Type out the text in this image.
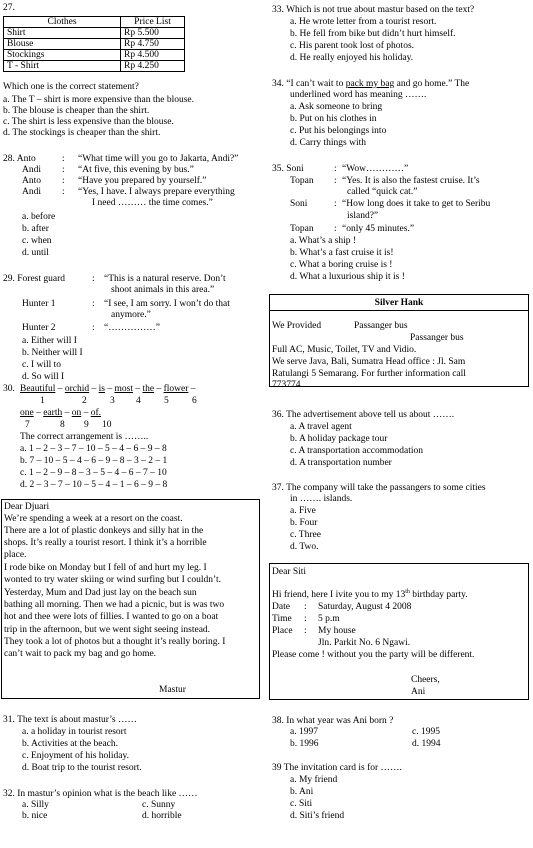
27.
Clothes	Price List
Shirt	Rp 5.500
Blouse	Rp 4.750
Stockings	Rp 4.500
T - Shirt	Rp 4.250
Which one is the correct statement?
a. The T – shirt is more expensive than the blouse.
b. The blouse is cheaper than the shirt.
c. The shirt is less expensive than the blouse.
d. The stockings is cheaper than the shirt.
28. Anto	: “What time will you go to Jakarta, Andi?”
Andi : “At five, this evening by bus.”
Anto : “Have you prepared by yourself.”
Andi : “Yes, I have. I always prepare everything
I need ……… the time comes.”
a. before
b. after
c. when
d. until
29. Forest guard	: “This is a natural reserve. Don’t
shoot animals in this area.”
Hunter 1	: “I see, I am sorry. I won’t do that
anymore.”
Hunter 2	: “……………”
a. Either will I
b. Neither will I
c. I will to
d. So will I
30. Beautiful – orchid – is – most – the – flower –
1	2 3 4 5 6
one – earth – on – of.
7	8 9 10
The correct arrangement is ……..
a. 1 – 2 – 3 – 7 – 10 – 5 – 4 – 6 – 9 – 8
b. 7 – 10 – 5 – 4 – 6 – 9 – 8 – 3 – 2 – 1
c. 1 – 2 – 9 – 8 – 3 – 5 – 4 – 6 – 7 – 10
d. 2 – 3 – 7 – 10 – 5 – 4 – 1 – 6 – 9 – 8
Dear Djuari
We’re spending a week at a resort on the coast.
There are a lot of plastic donkeys and silly hat in the
shops. It’s really a tourist resort. I think it’s a horrible
place.
I rode bike on Monday but I fell of and hurt my leg. I
wonted to try water skiing or wind surfing but I couldn’t.
Yesterday, Mum and Dad just lay on the beach sun
bathing all morning. Then we had a picnic, but is was two
hot and thee were lots of fillies. I wanted to go on a boat
trip in the afternoon, but we went sight seeing instead.
They took a lot of photos but a thought it’s really boring. I
can’t wait to pack my bag and go home.
Mastur
31. The text is about mastur’s ……
a. a holiday in tourist resort
b. Activities at the beach.
c. Enjoyment of his holiday.
d. Boat trip to the tourist resort.
32. In mastur’s opinion what is the beach like ……
a. Silly	c. Sunny
b. nice	d. horrible
33. Which is not true about mastur based on the text?
a. He wrote letter from a tourist resort.
b. He fell from bike but didn’t hurt himself.
c. His parent took lost of photos.
d. He really enjoyed his holiday.
34. “I can’t wait to pack my bag and go home.” The
underlined word has meaning …….
a. Ask someone to bring
b. Put on his clothes in
c. Put his belongings into
d. Carry things with
35. Soni	: “Wow…………”
Topan : “Yes. It is also the fastest cruise. It’s
called “quick cat.”
Soni	: “How long does it take to get to Seribu
island?”
Topan : “only 45 minutes.”
a. What’s a ship !
b. What’s a fast cruise it is!
c. What a boring cruise is !
d. What a luxurious ship it is !
Silver Hank
We Provided	Passanger bus
Passanger bus
Full AC, Music, Toilet, TV and Vidio.
We serve Java, Bali, Sumatra Head office : Jl. Sam
Ratulangi 5 Semarang. For further information call
773774
36. The advertisement above tell us about …….
a. A travel agent
b. A holiday package tour
c. A transportation accommodation
d. A transportation number
37. The company will take the passangers to some cities
in ……. islands.
a. Five
b. Four
c. Three
d. Two.
Dear Siti
Hi friend, here I ivite you to my 13th birthday party.
Date : Saturday, August 4 2008
Time : 5 p.m
Place : My house
Jln. Parkit No. 6 Ngawi.
Please come ! without you the party will be different.
Cheers,
Ani
38. In what year was Ani born ?
a. 1997	c. 1995
b. 1996	d. 1994
39 The invitation card is for …….
a. My friend
b. Ani
c. Siti
d. Siti’s friend
